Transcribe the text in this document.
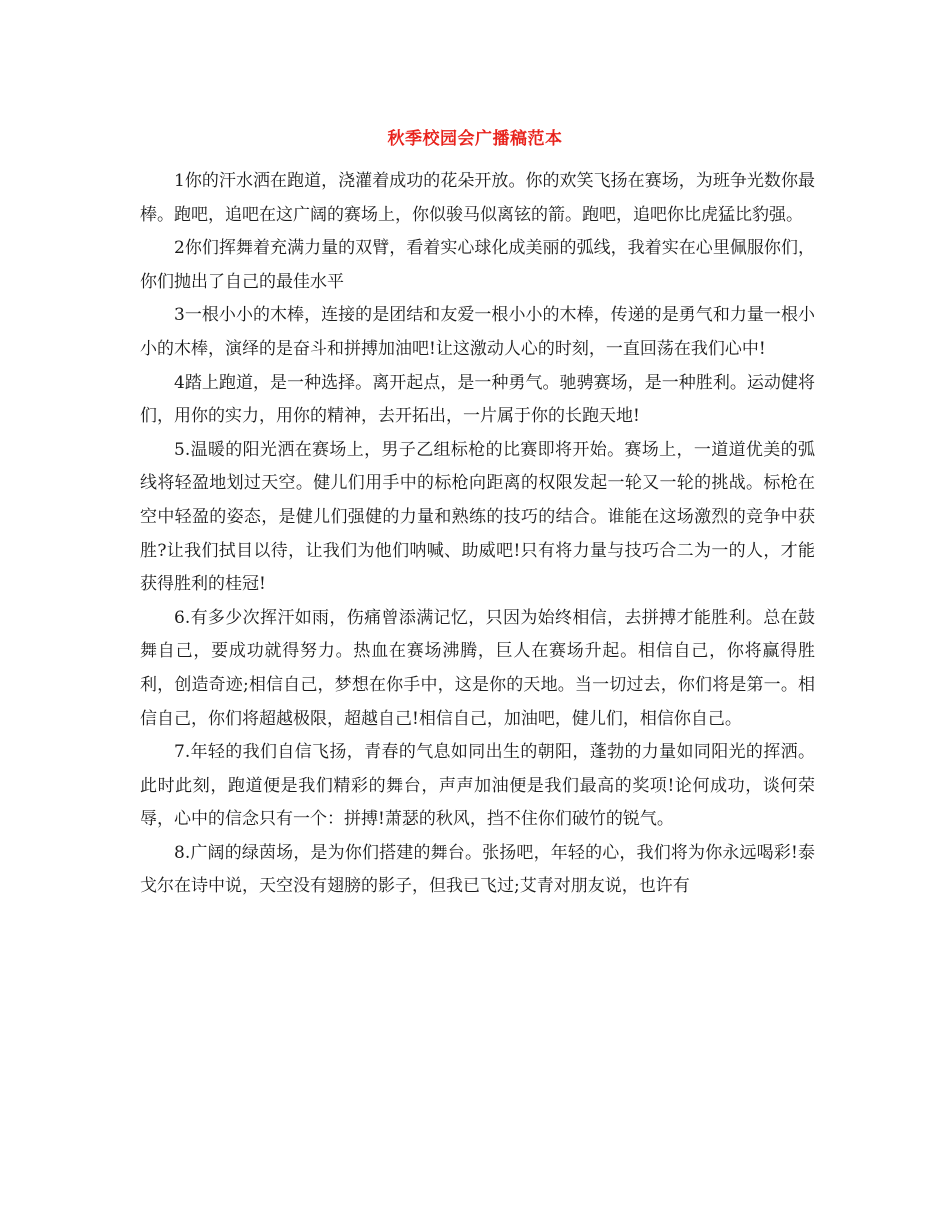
秋季校园会广播稿范本

1你的汗水洒在跑道，浇灌着成功的花朵开放。你的欢笑飞扬在赛场，为班争光数你最棒。跑吧，追吧在这广阔的赛场上，你似骏马似离铉的箭。跑吧，追吧你比虎猛比豹强。

2你们挥舞着充满力量的双臂，看着实心球化成美丽的弧线，我着实在心里佩服你们，你们抛出了自己的最佳水平

3一根小小的木棒，连接的是团结和友爱一根小小的木棒，传递的是勇气和力量一根小小的木棒，演绎的是奋斗和拼搏加油吧!让这激动人心的时刻，一直回荡在我们心中!

4踏上跑道，是一种选择。离开起点，是一种勇气。驰骋赛场，是一种胜利。运动健将们，用你的实力，用你的精神，去开拓出，一片属于你的长跑天地!

5.温暖的阳光洒在赛场上，男子乙组标枪的比赛即将开始。赛场上，一道道优美的弧线将轻盈地划过天空。健儿们用手中的标枪向距离的权限发起一轮又一轮的挑战。标枪在空中轻盈的姿态，是健儿们强健的力量和熟练的技巧的结合。谁能在这场激烈的竞争中获胜?让我们拭目以待，让我们为他们呐喊、助威吧!只有将力量与技巧合二为一的人，才能获得胜利的桂冠!

6.有多少次挥汗如雨，伤痛曾添满记忆，只因为始终相信，去拼搏才能胜利。总在鼓舞自己，要成功就得努力。热血在赛场沸腾，巨人在赛场升起。相信自己，你将赢得胜利，创造奇迹;相信自己，梦想在你手中，这是你的天地。当一切过去，你们将是第一。相信自己，你们将超越极限，超越自己!相信自己，加油吧，健儿们，相信你自己。

7.年轻的我们自信飞扬，青春的气息如同出生的朝阳，蓬勃的力量如同阳光的挥洒。此时此刻，跑道便是我们精彩的舞台，声声加油便是我们最高的奖项!论何成功，谈何荣辱，心中的信念只有一个：拼搏!萧瑟的秋风，挡不住你们破竹的锐气。

8.广阔的绿茵场，是为你们搭建的舞台。张扬吧，年轻的心，我们将为你永远喝彩!泰戈尔在诗中说，天空没有翅膀的影子，但我已飞过;艾青对朋友说，也许有
